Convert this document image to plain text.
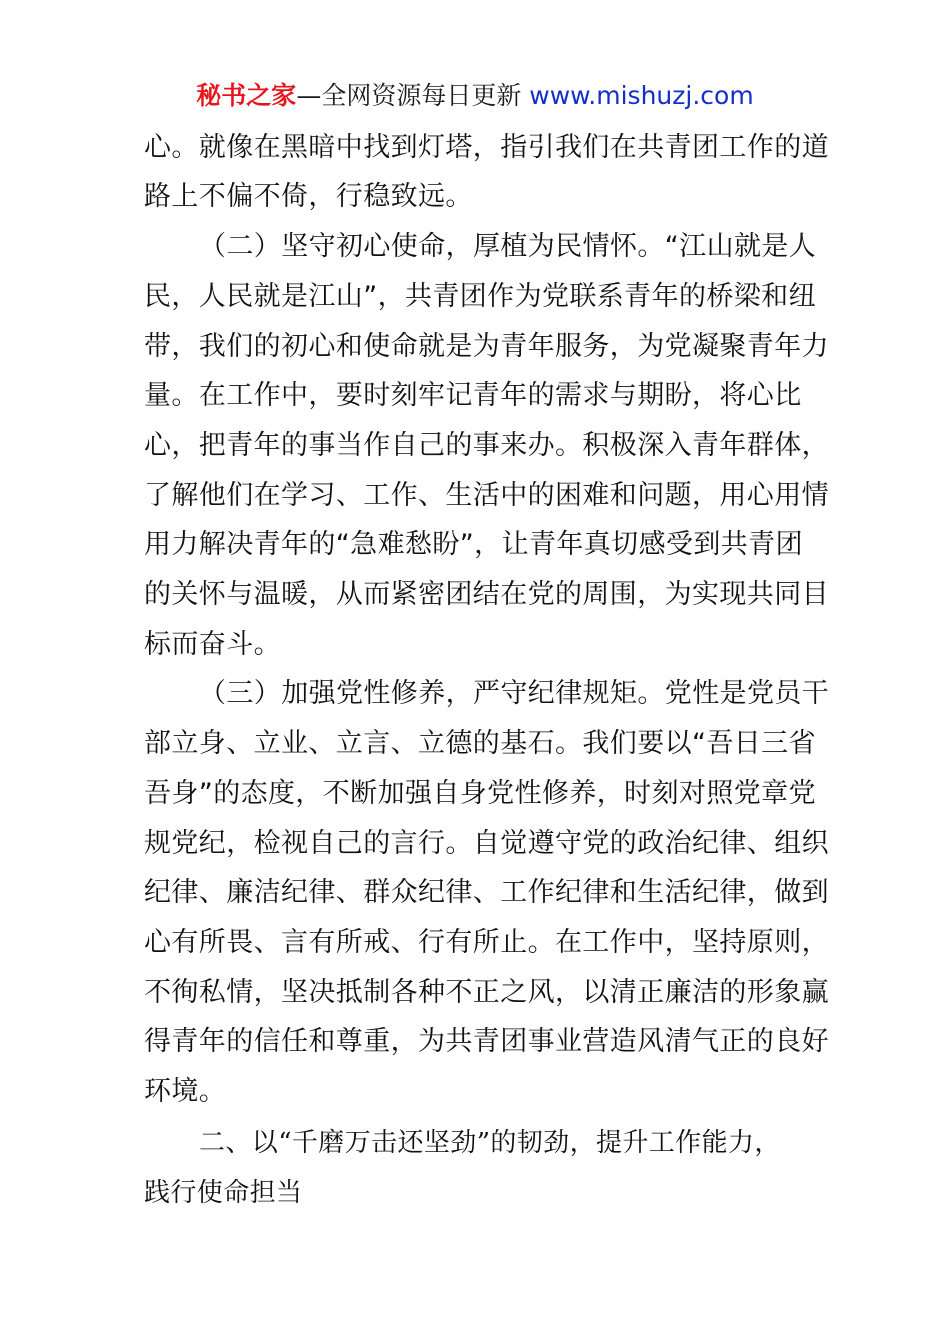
秘书之家—全网资源每日更新 www.mishuzj.com
心。就像在黑暗中找到灯塔，指引我们在共青团工作的道
路上不偏不倚，行稳致远。
（二）坚守初心使命，厚植为民情怀。“江山就是人
民，人民就是江山”，共青团作为党联系青年的桥梁和纽
带，我们的初心和使命就是为青年服务，为党凝聚青年力
量。在工作中，要时刻牢记青年的需求与期盼，将心比
心，把青年的事当作自己的事来办。积极深入青年群体，
了解他们在学习、工作、生活中的困难和问题，用心用情
用力解决青年的“急难愁盼”，让青年真切感受到共青团
的关怀与温暖，从而紧密团结在党的周围，为实现共同目
标而奋斗。
（三）加强党性修养，严守纪律规矩。党性是党员干
部立身、立业、立言、立德的基石。我们要以“吾日三省
吾身”的态度，不断加强自身党性修养，时刻对照党章党
规党纪，检视自己的言行。自觉遵守党的政治纪律、组织
纪律、廉洁纪律、群众纪律、工作纪律和生活纪律，做到
心有所畏、言有所戒、行有所止。在工作中，坚持原则，
不徇私情，坚决抵制各种不正之风，以清正廉洁的形象赢
得青年的信任和尊重，为共青团事业营造风清气正的良好
环境。
二、以“千磨万击还坚劲”的韧劲，提升工作能力，
践行使命担当
